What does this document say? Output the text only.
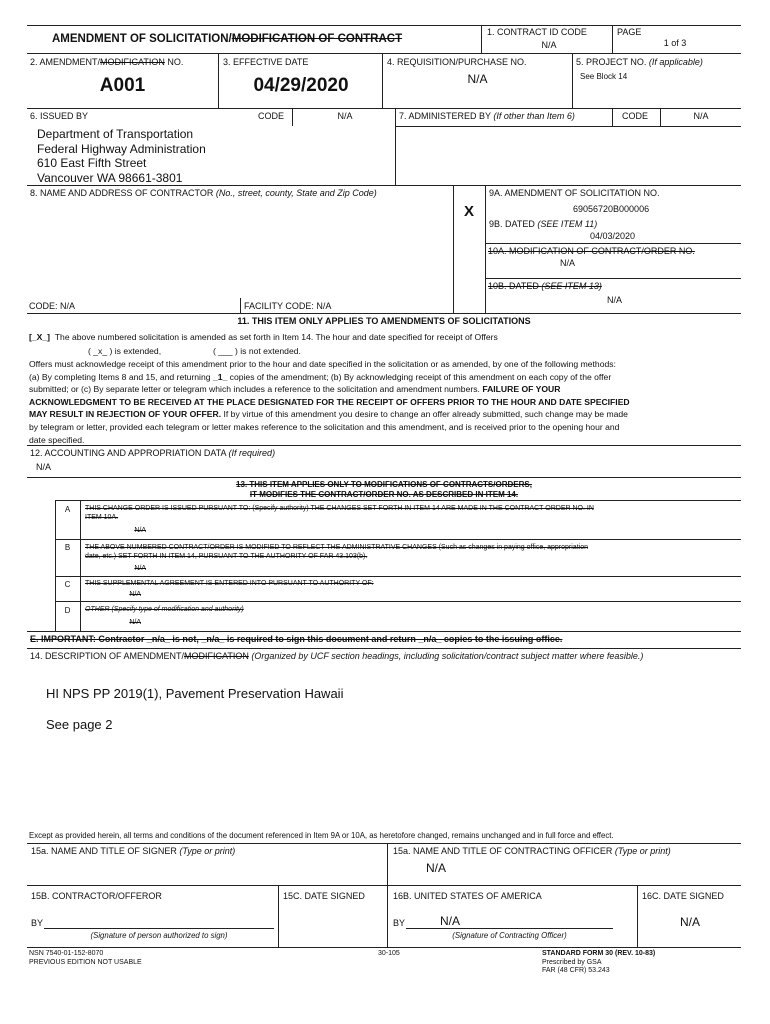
AMENDMENT OF SOLICITATION/MODIFICATION OF CONTRACT
1. CONTRACT ID CODE
N/A
PAGE
1 of 3
2. AMENDMENT/MODIFICATION NO.
A001
3. EFFECTIVE DATE
04/29/2020
4. REQUISITION/PURCHASE NO.
N/A
5. PROJECT NO. (If applicable)
See Block 14
6. ISSUED BY	CODE	N/A
Department of Transportation
Federal Highway Administration
610 East Fifth Street
Vancouver WA 98661-3801
7. ADMINISTERED BY (If other than Item 6)	CODE	N/A
8. NAME AND ADDRESS OF CONTRACTOR (No., street, county, State and Zip Code)
X
9A. AMENDMENT OF SOLICITATION NO.
69056720B000006
9B. DATED (SEE ITEM 11)
04/03/2020
10A. MODIFICATION OF CONTRACT/ORDER NO.
N/A
10B. DATED (SEE ITEM 13)
N/A
CODE: N/A	FACILITY CODE: N/A
11. THIS ITEM ONLY APPLIES TO AMENDMENTS OF SOLICITATIONS
[_X_] The above numbered solicitation is amended as set forth in Item 14. The hour and date specified for receipt of Offers
( _x_ ) is extended,	( ___ ) is not extended.
Offers must acknowledge receipt of this amendment prior to the hour and date specified in the solicitation or as amended, by one of the following methods:
(a) By completing Items 8 and 15, and returning _1_ copies of the amendment; (b) By acknowledging receipt of this amendment on each copy of the offer
submitted; or (c) By separate letter or telegram which includes a reference to the solicitation and amendment numbers. FAILURE OF YOUR
ACKNOWLEDGMENT TO BE RECEIVED AT THE PLACE DESIGNATED FOR THE RECEIPT OF OFFERS PRIOR TO THE HOUR AND DATE SPECIFIED
MAY RESULT IN REJECTION OF YOUR OFFER. If by virtue of this amendment you desire to change an offer already submitted, such change may be made
by telegram or letter, provided each telegram or letter makes reference to the solicitation and this amendment, and is received prior to the opening hour and
date specified.
12. ACCOUNTING AND APPROPRIATION DATA (If required)
N/A
13. THIS ITEM APPLIES ONLY TO MODIFICATIONS OF CONTRACTS/ORDERS,
IT MODIFIES THE CONTRACT/ORDER NO. AS DESCRIBED IN ITEM 14.
A	THIS CHANGE ORDER IS ISSUED PURSUANT TO: (Specify authority) THE CHANGES SET FORTH IN ITEM 14 ARE MADE IN THE CONTRACT ORDER NO. IN
ITEM 10A.
N/A
B	THE ABOVE NUMBERED CONTRACT/ORDER IS MODIFIED TO REFLECT THE ADMINISTRATIVE CHANGES (Such as changes in paying office, appropriation
date, etc.) SET FORTH IN ITEM 14, PURSUANT TO THE AUTHORITY OF FAR 43.103(b).
N/A
C	THIS SUPPLEMENTAL AGREEMENT IS ENTERED INTO PURSUANT TO AUTHORITY OF:
N/A
D	OTHER (Specify type of modification and authority)
N/A
E. IMPORTANT: Contractor _n/a_ is not, _n/a_ is required to sign this document and return _n/a_ copies to the issuing office.
14. DESCRIPTION OF AMENDMENT/MODIFICATION (Organized by UCF section headings, including solicitation/contract subject matter where feasible.)
HI NPS PP 2019(1), Pavement Preservation Hawaii
See page 2
Except as provided herein, all terms and conditions of the document referenced in Item 9A or 10A, as heretofore changed, remains unchanged and in full force and effect.
15a. NAME AND TITLE OF SIGNER (Type or print)	15a. NAME AND TITLE OF CONTRACTING OFFICER (Type or print)
N/A
15B. CONTRACTOR/OFFEROR	15C. DATE SIGNED	16B. UNITED STATES OF AMERICA	16C. DATE SIGNED
BY
(Signature of person authorized to sign)
BY	N/A
(Signature of Contracting Officer)
N/A
NSN 7540-01-152-8070
PREVIOUS EDITION NOT USABLE
30-105	STANDARD FORM 30 (REV. 10-83)
Prescribed by GSA
FAR (48 CFR) 53.243
